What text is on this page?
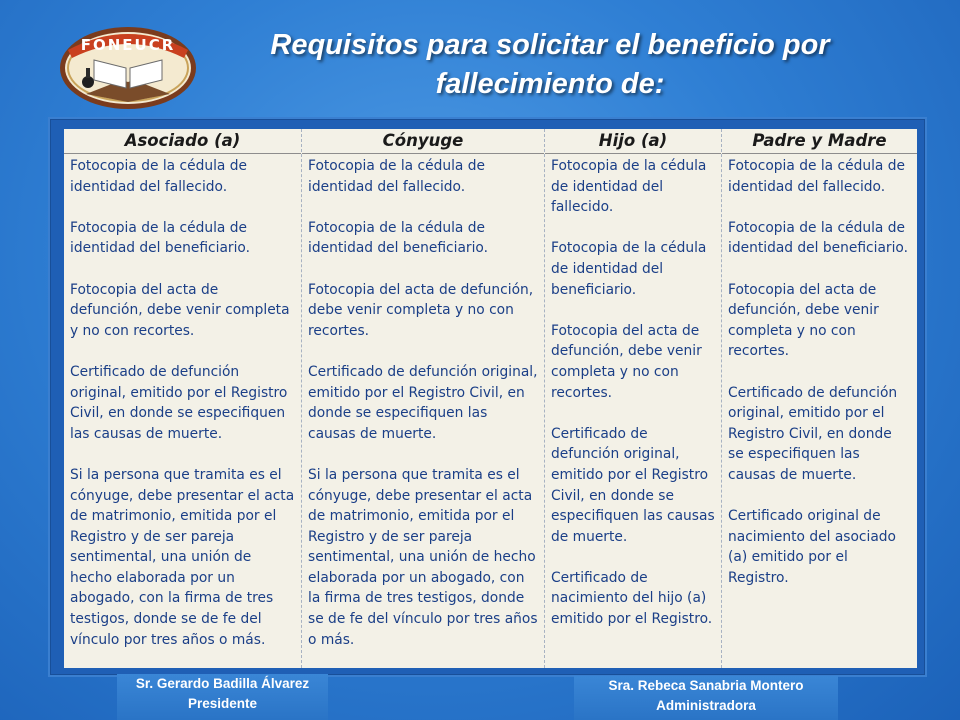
FONEUCR	Requisitos para solicitar el beneficio por
fallecimiento de:
Asociado (a)

Fotocopia de la cédula de identidad del fallecido.

Fotocopia de la cédula de identidad del beneficiario.

Fotocopia del acta de defunción, debe venir completa y no con recortes.

Certificado de defunción original, emitido por el Registro Civil, en donde se especifiquen las causas de muerte.

Si la persona que tramita es el cónyuge, debe presentar el acta de matrimonio, emitida por el Registro y de ser pareja sentimental, una unión de hecho elaborada por un abogado, con la firma de tres testigos, donde se de fe del vínculo por tres años o más.

Cónyuge

Fotocopia de la cédula de identidad del fallecido.

Fotocopia de la cédula de identidad del beneficiario.

Fotocopia del acta de defunción, debe venir completa y no con recortes.

Certificado de defunción original, emitido por el Registro Civil, en donde se especifiquen las causas de muerte.

Si la persona que tramita es el cónyuge, debe presentar el acta de matrimonio, emitida por el Registro y de ser pareja sentimental, una unión de hecho elaborada por un abogado, con la firma de tres testigos, donde se de fe del vínculo por tres años o más.

Hijo (a)

Fotocopia de la cédula de identidad del fallecido.

Fotocopia de la cédula de identidad del beneficiario.

Fotocopia del acta de defunción, debe venir completa y no con recortes.

Certificado de defunción original, emitido por el Registro Civil, en donde se especifiquen las causas de muerte.

Certificado de nacimiento del hijo (a) emitido por el Registro.

Padre y Madre

Fotocopia de la cédula de identidad del fallecido.

Fotocopia de la cédula de identidad del beneficiario.

Fotocopia del acta de defunción, debe venir completa y no con recortes.

Certificado de defunción original, emitido por el Registro Civil, en donde se especifiquen las causas de muerte.

Certificado original de nacimiento del asociado (a) emitido por el Registro.

Sr. Gerardo Badilla Álvarez
Presidente
Sra. Rebeca Sanabria Montero
Administradora
